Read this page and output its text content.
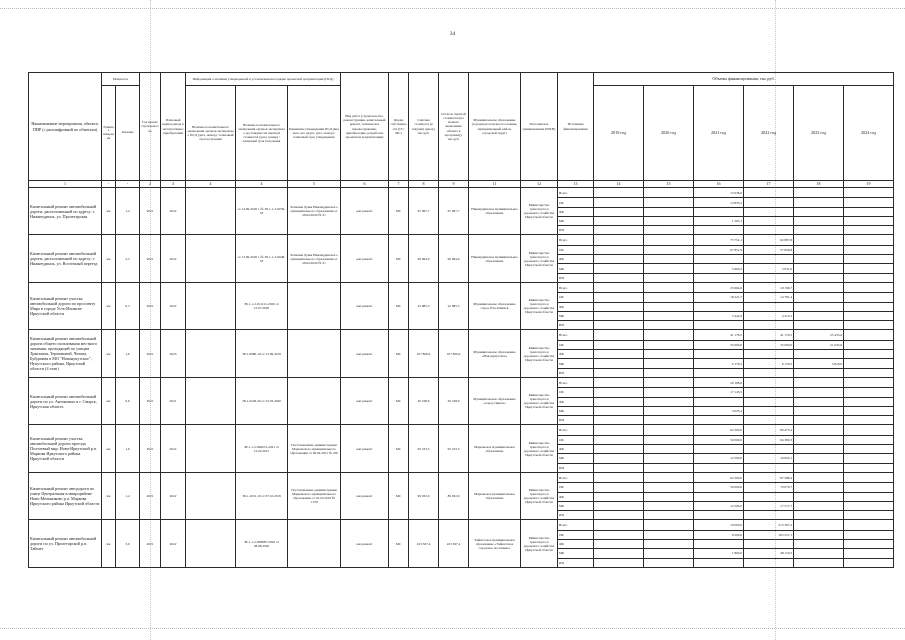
34
Наименование мероприятия, объекта, ПИР (с расшифровкой по объектам)	Мощность		Год начала строительства	Плановый период ввода в эксплуатацию/ приобретения	Информация о наличии утвержденной в установленном порядке проектной документации (ПСД)			Вид работ (строительство, реконструкция, капитальный ремонт, техническое перевооружение, приобретение, разработка проектной документации)	Форма собственности (ГС/МС)	Сметная стоимость (в текущих ценах), тыс.руб.	Остаток сметной стоимости (на момент включения объекта в программу), тыс.руб.	Муниципальное образование (городское/сельское поселение, муниципальный район, городской округ)	Исполнитель (наименование ИОГВ)	Источники финансирования	Объемы финансирования, тыс.руб.					
	Единица измерения	Значение			Наличие положительного заключения органов экспертизы о ПСД (дата, номер) / плановый срок получения	Наличие положительного заключения органов экспертизы о достоверности сметной стоимости (дата, номер) / плановый срок получения	Реквизиты утверждения ПСД (вид акта, кто издал, дата, номер) / плановый срок утверждения								2019 год	2020 год	2021 год	2022 год	2023 год	2024 год
1	-	-	2	3	4	4	5	6	7	8	9	11	12	13	14	15	16	17	18	19
Капитальный ремонт автомобильной дороги, расположенной по адресу: г. Нижнеудинск, ул. Пролетарская	км	1,4	2021	2022		от 14.06.2018 г. № 38-1-1-3-0039-18	Решение Думы Нижнеудинского муниципального образования от 29.04.2020 № 31	кап.ремонт	МС	67 097,7	67 097,7	Нижнеудинское муниципальное образование	Министерство транспорта и дорожного хозяйства Иркутской области	Всего			15 038,6			
														ОБ			13 835,5			
														ФБ						
														МБ			1 203,1			
														ИИ						
Капитальный ремонт автомобильной дороги, расположенной по адресу: г. Нижнеудинск, ул. Восточный переезд	км	2,3	2021	2022		от 13.06.2018 г. № 38-1-1-3-0048-18	Решение Думы Нижнеудинского муниципального образования от 29.04.2020 № 31	кап.ремонт	МС	90 694,9	90 694,9	Нижнеудинское муниципальное образование	Министерство транспорта и дорожного хозяйства Иркутской области	Всего			73 752,1	62 887,8		
														ОБ			67 851,9	57 856,8		
														ФБ						
														МБ			5 900,2	5 031,0		
														ИИ						
Капитальный ремонт участка автомобильной дороги по проспекту Мира в городе Усть-Илимске Иркутской области	км	0,3	2021	2022		38-1-1-2-011121-2020 от 15.07.2020		кап.ремонт	МС	22 985,3	22 985,3	Муниципальное образование город Усть-Илимск	Министерство транспорта и дорожного хозяйства Иркутской области	Всего			23 664,6	19 196,7		
														ОБ			18 221,7	14 781,4		
														ФБ						
														МБ			5 442,9	4 415,3		
														ИИ						
Капитальный ремонт автомобильной дороги общего пользования местного значения, проходящей по улицам Трактовая, Терешковой, Чехова, Буйдачева в МО "Новонукутское", Нукутского района, Иркутской области (4 этап)	км	1,6	2021	2023		38-1-0980-19 от 13.09.2019		кап.ремонт	МС	107 806,6	107 806,6	Муниципальное образование «Новонукутское»	Министерство транспорта и дорожного хозяйства Иркутской области	Всего			41 176,5	41 176,5	25 453,6	
														ОБ			35 000,0	35 000,0	21 635,6	
														ФБ						
														МБ			6 176,5	6 176,5	3 818,0	
														ИИ						
Капитальный ремонт автомобильной дороги по ул. Антоновых в г. Свирск, Иркутская область	км	0,6	2021	2021		38-1-0246-20 от 23.03.2020		кап.ремонт	МС	20 168,9	20 168,9	Муниципальное образование «город Свирск»	Министерство транспорта и дорожного хозяйства Иркутской области	Всего			20 168,9			
														ОБ			17 143,5			
														ФБ						
														МБ			3 025,4			
														ИИ						
Капитальный ремонт участка автомобильной дороги проезда Полтаевый мкр. Ново-Иркутский р.п. Маркова Иркутского района Иркутской области	км	1,6	2021	2022		38-1-1-2-066051-2021 от 12.02.2021	Постановление администрации Марковского муниципального образования от 09.04.2021 № 450	кап.ремонт	МС	95 163,5	95 163,5	Марковское муниципальное образование	Министерство транспорта и дорожного хозяйства Иркутской области	Всего			62 500,0	80 473,4		
														ОБ			50 000,0	64 380,3		
														ФБ						
														МБ			12 500,0	16 093,1		
														ИИ						
Капитальный ремонт автодороги по улице Центральная в микрорайоне Ново-Мельниково р.п. Маркова Иркутского района Иркутской области	км	1,4	2021	2022		38-1-1631-19 от 07.10.2019	Постановление администрации Марковского муниципального образования от 16.10.2019 № 1.578	кап.ремонт	МС	99 932,9	89 932,9	Марковское муниципальное образование	Министерство транспорта и дорожного хозяйства Иркутской области	Всего			62 500,0	87 588,4		
														ОБ			50 000,0	70 070,7		
														ФБ						
														МБ			12 500,0	17 517,7		
														ИИ						
Капитальный ремонт автомобильной дороги по ул. Пролетарской р.п. Тайшет	км	3,0	2021	2022		38-1-1-2-008887-2020 от 28.08.2020		кап.ремонт	МС	223 367,4	223 367,4	Тайшетское муниципальное образование «Тайшетское городское поселение»	Министерство транспорта и дорожного хозяйства Иркутской области	Всего			10 000,0	213 367,4		
														ОБ			8 200,0	165 257,1		
														ФБ						
														МБ			1 800,0	48 110,3		
														ИИ						
